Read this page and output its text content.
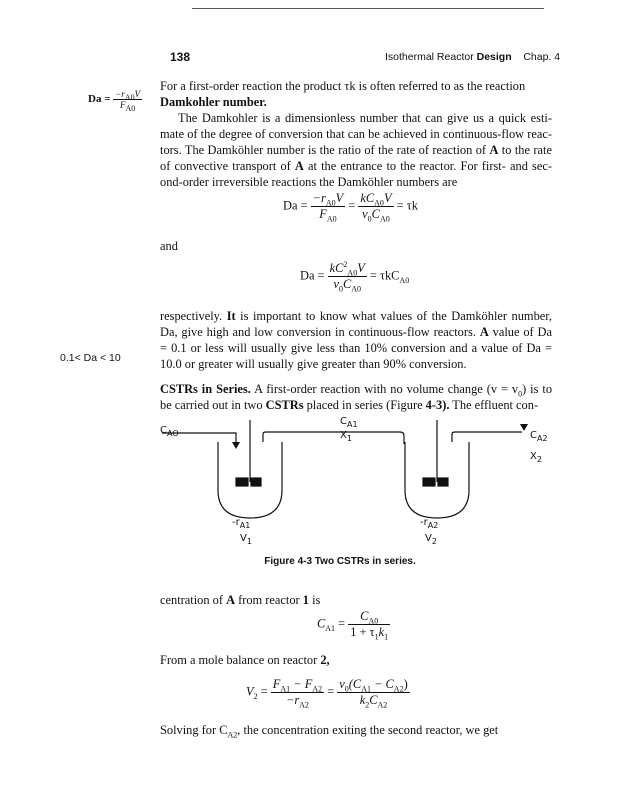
138	Isothermal Reactor Design Chap. 4
$Da = \frac{-r_{A0}V}{F_{A0}}$
For a first-order reaction the product τk is often referred to as the reaction
Damkohler number.
The Damkohler is a dimensionless number that can give us a quick esti- mate of the degree of conversion that can be achieved in continuous-flow reac- tors. The Damköhler number is the ratio of the rate of reaction of A to the rate of convective transport of A at the entrance to the reactor. For first- and sec- ond-order irreversible reactions the Damköhler numbers are
$Da = \frac{-r_{A0}V}{F_{A0}} = \frac{kC_{A0}V}{v_0C_{A0}} = \tau k$
and
$Da = \frac{kC^2_{A0}V}{v_0C_{A0}} = \tau kC_{A0}$
respectively. It is important to know what values of the Damköhler number, Da, give high and low conversion in continuous-flow reactors. A value of Da = 0.1 or less will usually give less than 10% conversion and a value of Da = 10.0 or greater will usually give greater than 90% conversion.
0.1< Da < 10
CSTRs in Series. A first-order reaction with no volume change $(v = v_0)$ is to be carried out in two CSTRs placed in series (Figure 4-3). The effluent con-
$C_{AO}$
$C_{A1}$
$X_1$	$C_{A2}$
$X_2$
$-r_{A1}$
$V_1$
$-r_{A2}$
$V_2$
Figure 4-3 Two CSTRs in series.
centration of A from reactor 1 is
$C_{A1} = \frac{C_{A0}}{1 + \tau_1k_1}$
From a mole balance on reactor 2,
$V_2 = \frac{F_{A1} - F_{A2}}{-r_{A2}} = \frac{v_0(C_{A1} - C_{A2})}{k_2C_{A2}}$
Solving for $C_{A2}$, the concentration exiting the second reactor, we get
